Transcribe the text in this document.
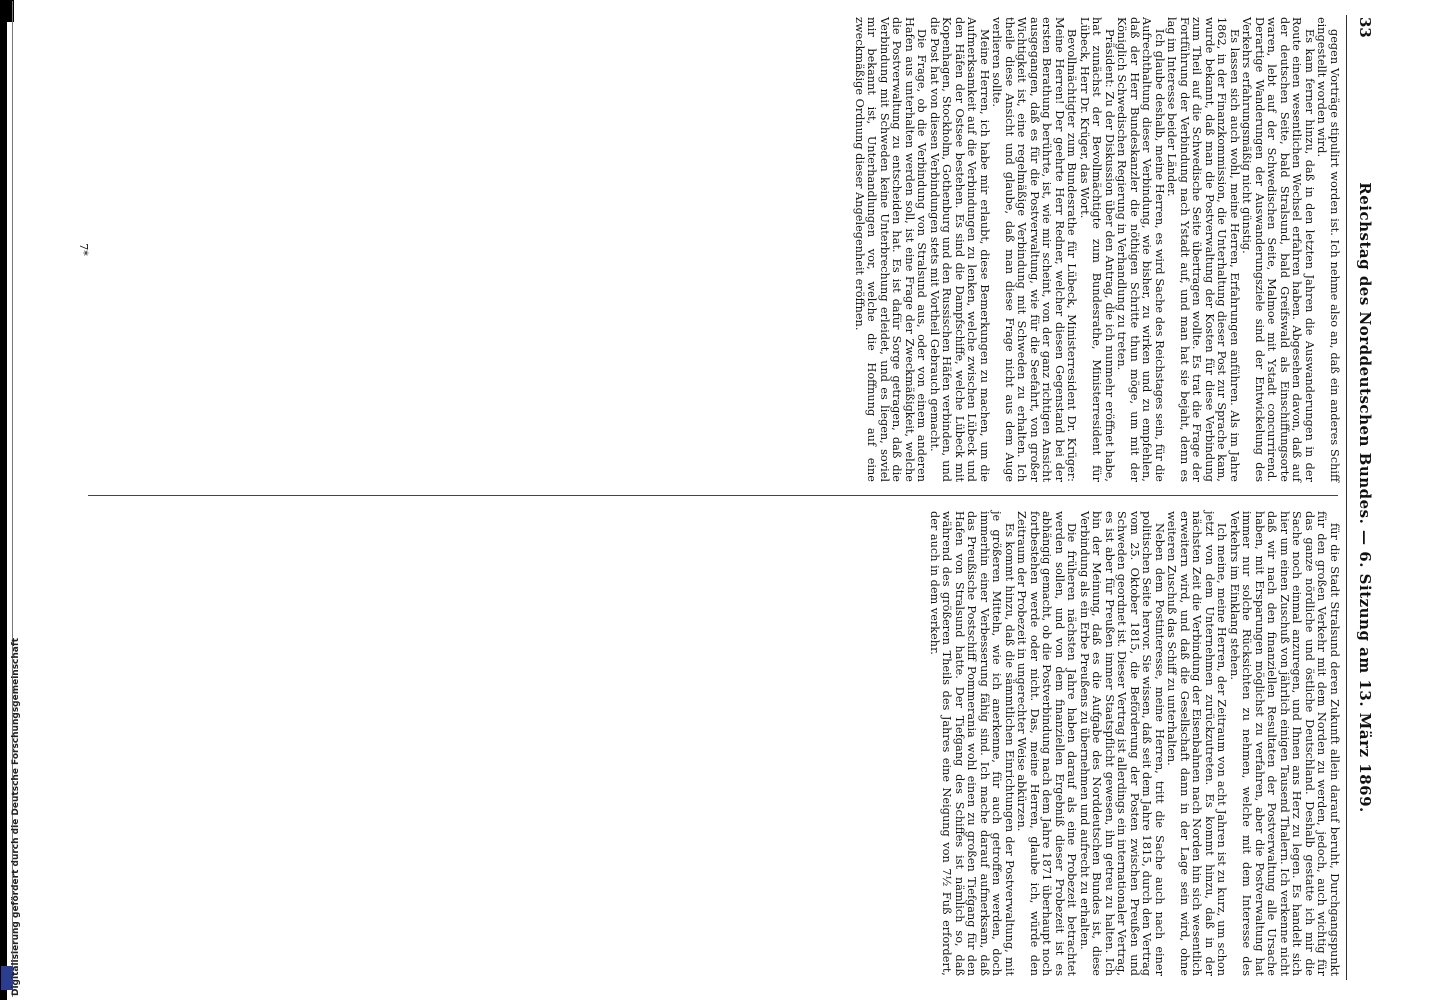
Digitalisierung gefördert durch die Deutsche Forschungsgemeinschaft
33
Reichstag des Norddeutschen Bundes. — 6. Sitzung am 13. März 1869.

gegen Vorträge stipulirt worden ist. Ich nehme also an, daß ein anderes Schiff eingestellt worden wird.

Es kam ferner hinzu, daß in den letzten Jahren die Auswanderungen in der Route einen wesentlichen Wechsel erfahren haben. Abgesehen davon, daß auf der deutschen Seite, bald Stralsund, bald Greifswald als Einschiffungsorte waren, lebt auf der Schwedischen Seite, Malmoe mit Ystadt concurrirend. Derartige Wanderungen der Auswanderungsziele sind der Entwickelung des Verkehrs erfahrungsmäßig nicht günstig.

Es lassen sich auch wohl, meine Herren, Erfahrungen anführen. Als im Jahre 1862, in der Finanzkommission, die Unterhaltung dieser Post zur Sprache kam, wurde bekannt, daß man die Postverwaltung der Kosten für diese Verbindung zum Theil auf die Schwedische Seite übertragen wollte. Es trat die Frage der Fortführung der Verbindung nach Ystadt auf, und man hat sie bejaht, denn es lag im Interesse beider Länder.

Ich glaube deshalb, meine Herren, es wird Sache des Reichstages sein, für die Aufrechthaltung dieser Verbindung, wie bisher, zu wirken und zu empfehlen, daß der Herr Bundeskanzler die nöthigen Schritte thun möge, um mit der Königlich Schwedischen Regierung in Verhandlung zu treten.

Präsident: Zu der Diskussion über den Antrag, die ich nunmehr eröffnet habe, hat zunächst der Bevollmächtigte zum Bundesrathe, Ministerresident für Lübeck, Herr Dr. Krüger, das Wort.

Bevollmächtigter zum Bundesrathe für Lübeck, Ministerresident Dr. Krüger: Meine Herren! Der geehrte Herr Redner, welcher diesen Gegenstand bei der ersten Berathung berührte, ist, wie mir scheint, von der ganz richtigen Ansicht ausgegangen, daß es für die Postverwaltung, wie für die Seefahrt, von großer Wichtigkeit ist, eine regelmäßige Verbindung mit Schweden zu erhalten. Ich theile diese Ansicht und glaube, daß man diese Frage nicht aus dem Auge verlieren sollte.

Meine Herren, ich habe mir erlaubt, diese Bemerkungen zu machen, um die Aufmerksamkeit auf die Verbindungen zu lenken, welche zwischen Lübeck und den Häfen der Ostsee bestehen. Es sind die Dampfschiffe, welche Lübeck mit Kopenhagen, Stockholm, Gothenburg und den Russischen Häfen verbinden, und die Post hat von diesen Verbindungen stets mit Vortheil Gebrauch gemacht.

Die Frage, ob die Verbindung von Stralsund aus, oder von einem anderen Hafen aus unterhalten werden soll, ist eine Frage der Zweckmäßigkeit, welche die Postverwaltung zu entscheiden hat. Es ist dafür Sorge getragen, daß die Verbindung mit Schweden keine Unterbrechung erleidet, und es liegen, soviel mir bekannt ist, Unterhandlungen vor, welche die Hoffnung auf eine zweckmäßige Ordnung dieser Angelegenheit eröffnen.

für die Stadt Stralsund deren Zukunft allein darauf beruht, Durchgangspunkt für den großen Verkehr mit dem Norden zu werden, jedoch, auch wichtig für das ganze nördliche und östliche Deutschland. Deshalb gestatte ich mir die Sache noch einmal anzuregen, und Ihnen ans Herz zu legen. Es handelt sich hier um einen Zuschuß von jährlich einigen Tausend Thalern. Ich verkenne nicht daß wir nach den finanziellen Resultaten der Postverwaltung alle Ursache haben, mit Ersparungen möglichst zu verfahren, aber die Postverwaltung hat immer nur solche Rücksichten zu nehmen, welche mit dem Interesse des Verkehrs im Einklang stehen.

Ich meine, meine Herren, der Zeitraum von acht Jahren ist zu kurz, um schon jetzt von dem Unternehmen zurückzutreten. Es kommt hinzu, daß in der nächsten Zeit die Verbindung der Eisenbahnen nach Norden hin sich wesentlich erweitern wird, und daß die Gesellschaft dann in der Lage sein wird, ohne weiteren Zuschuß das Schiff zu unterhalten.

Neben dem Postinteresse, meine Herren, tritt die Sache auch nach einer politischen Seite hervor. Sie wissen, daß seit dem Jahre 1815, durch den Vertrag vom 25. Oktober 1815, die Beförderung der Posten zwischen Preußen und Schweden geordnet ist. Dieser Vertrag ist allerdings ein internationaler Vertrag, es ist aber für Preußen immer Staatspflicht gewesen, ihn getreu zu halten. Ich bin der Meinung, daß es die Aufgabe des Norddeutschen Bundes ist, diese Verbindung als ein Erbe Preußens zu übernehmen und aufrecht zu erhalten.

Die früheren nächsten Jahre haben darauf als eine Probezeit betrachtet werden sollen, und von dem finanziellen Ergebniß dieser Probezeit ist es abhängig gemacht, ob die Postverbindung nach dem Jahre 1871 überhaupt noch fortbestehen werde oder nicht. Das, meine Herren, glaube ich, würde den Zeitraum der Probezeit in ungerechter Weise abkürzen.

Es kommt hinzu, daß die sämmtlichen Einrichtungen der Postverwaltung, mit je größeren Mitteln, wie ich anerkenne, für auch getroffen werden, doch immerhin einer Verbesserung fähig sind. Ich mache darauf aufmerksam, daß das Preußische Postschiff Pommerania wohl einen zu großen Tiefgang für den Hafen von Stralsund hatte. Der Tiefgang des Schiffes ist nämlich so, daß während des größeren Theils des Jahres eine Neigung von 7½ Fuß erfordert, der auch in dem verkehr.

7*
